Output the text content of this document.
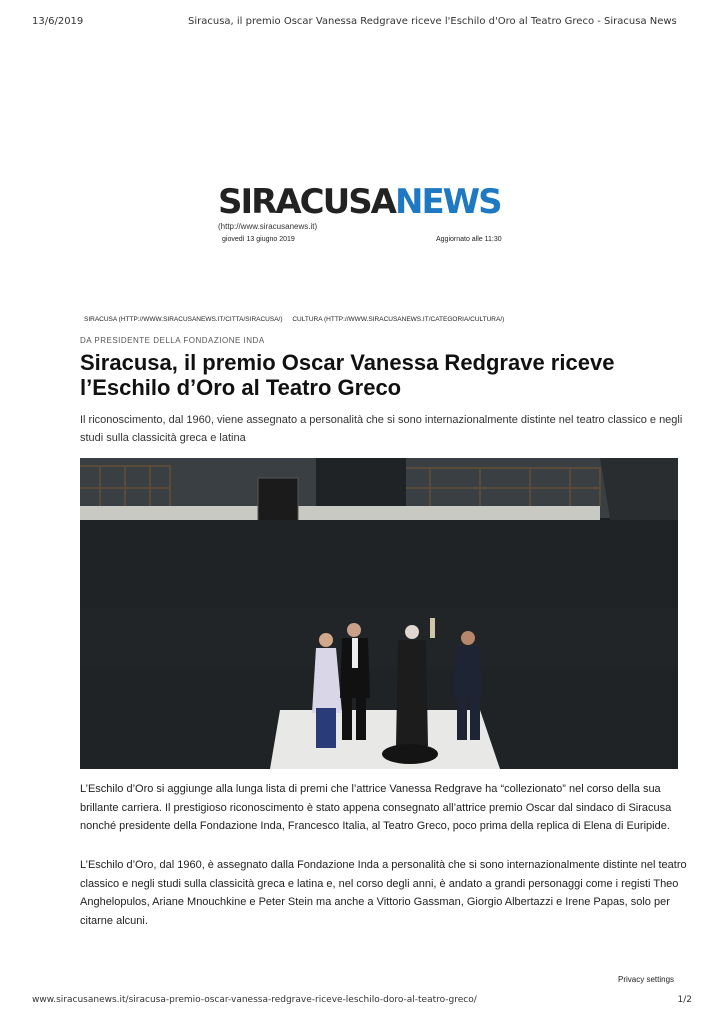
13/6/2019	Siracusa, il premio Oscar Vanessa Redgrave riceve l'Eschilo d'Oro al Teatro Greco - Siracusa News
SIRACUSANEWS
(http://www.siracusanews.it)
giovedì 13 giugno 2019	Aggiornato alle 11:30
SIRACUSA (HTTP://WWW.SIRACUSANEWS.IT/CITTA/SIRACUSA/) CULTURA (HTTP://WWW.SIRACUSANEWS.IT/CATEGORIA/CULTURA/)
DA PRESIDENTE DELLA FONDAZIONE INDA
Siracusa, il premio Oscar Vanessa Redgrave riceve l’Eschilo d’Oro al Teatro Greco

Il riconoscimento, dal 1960, viene assegnato a personalità che si sono internazionalmente distinte nel teatro classico e negli studi sulla classicità greca e latina

L’Eschilo d’Oro si aggiunge alla lunga lista di premi che l’attrice Vanessa Redgrave ha “collezionato” nel corso della sua brillante carriera. Il prestigioso riconoscimento è stato appena consegnato all’attrice premio Oscar dal sindaco di Siracusa nonché presidente della Fondazione Inda, Francesco Italia, al Teatro Greco, poco prima della replica di Elena di Euripide.

L’Eschilo d’Oro, dal 1960, è assegnato dalla Fondazione Inda a personalità che si sono internazionalmente distinte nel teatro classico e negli studi sulla classicità greca e latina e, nel corso degli anni, è andato a grandi personaggi come i registi Theo Anghelopulos, Ariane Mnouchkine e Peter Stein ma anche a Vittorio Gassman, Giorgio Albertazzi e Irene Papas, solo per citarne alcuni.

Privacy settings
www.siracusanews.it/siracusa-premio-oscar-vanessa-redgrave-riceve-leschilo-doro-al-teatro-greco/	1/2
